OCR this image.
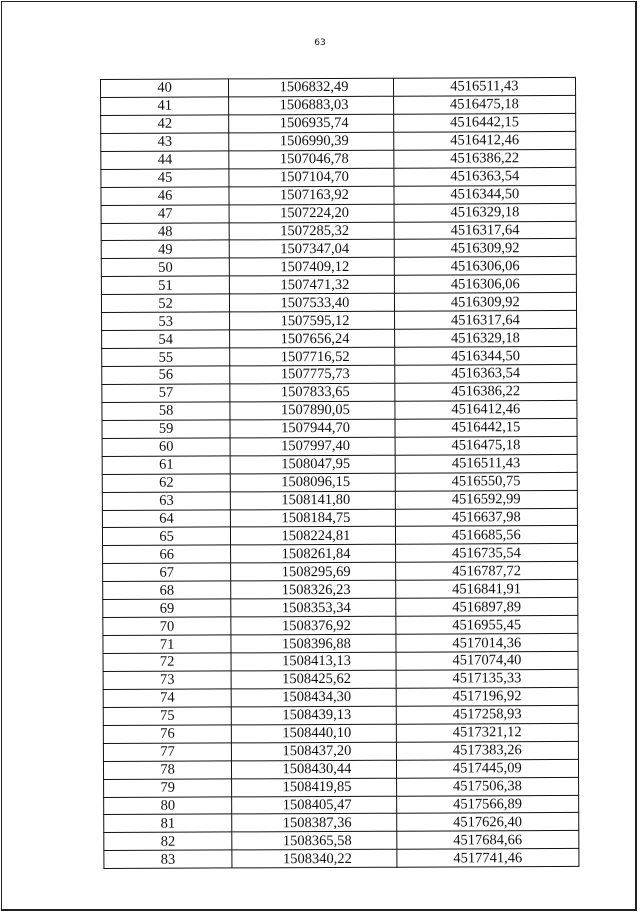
63
40	1506832,49	4516511,43
41	1506883,03	4516475,18
42	1506935,74	4516442,15
43	1506990,39	4516412,46
44	1507046,78	4516386,22
45	1507104,70	4516363,54
46	1507163,92	4516344,50
47	1507224,20	4516329,18
48	1507285,32	4516317,64
49	1507347,04	4516309,92
50	1507409,12	4516306,06
51	1507471,32	4516306,06
52	1507533,40	4516309,92
53	1507595,12	4516317,64
54	1507656,24	4516329,18
55	1507716,52	4516344,50
56	1507775,73	4516363,54
57	1507833,65	4516386,22
58	1507890,05	4516412,46
59	1507944,70	4516442,15
60	1507997,40	4516475,18
61	1508047,95	4516511,43
62	1508096,15	4516550,75
63	1508141,80	4516592,99
64	1508184,75	4516637,98
65	1508224,81	4516685,56
66	1508261,84	4516735,54
67	1508295,69	4516787,72
68	1508326,23	4516841,91
69	1508353,34	4516897,89
70	1508376,92	4516955,45
71	1508396,88	4517014,36
72	1508413,13	4517074,40
73	1508425,62	4517135,33
74	1508434,30	4517196,92
75	1508439,13	4517258,93
76	1508440,10	4517321,12
77	1508437,20	4517383,26
78	1508430,44	4517445,09
79	1508419,85	4517506,38
80	1508405,47	4517566,89
81	1508387,36	4517626,40
82	1508365,58	4517684,66
83	1508340,22	4517741,46
